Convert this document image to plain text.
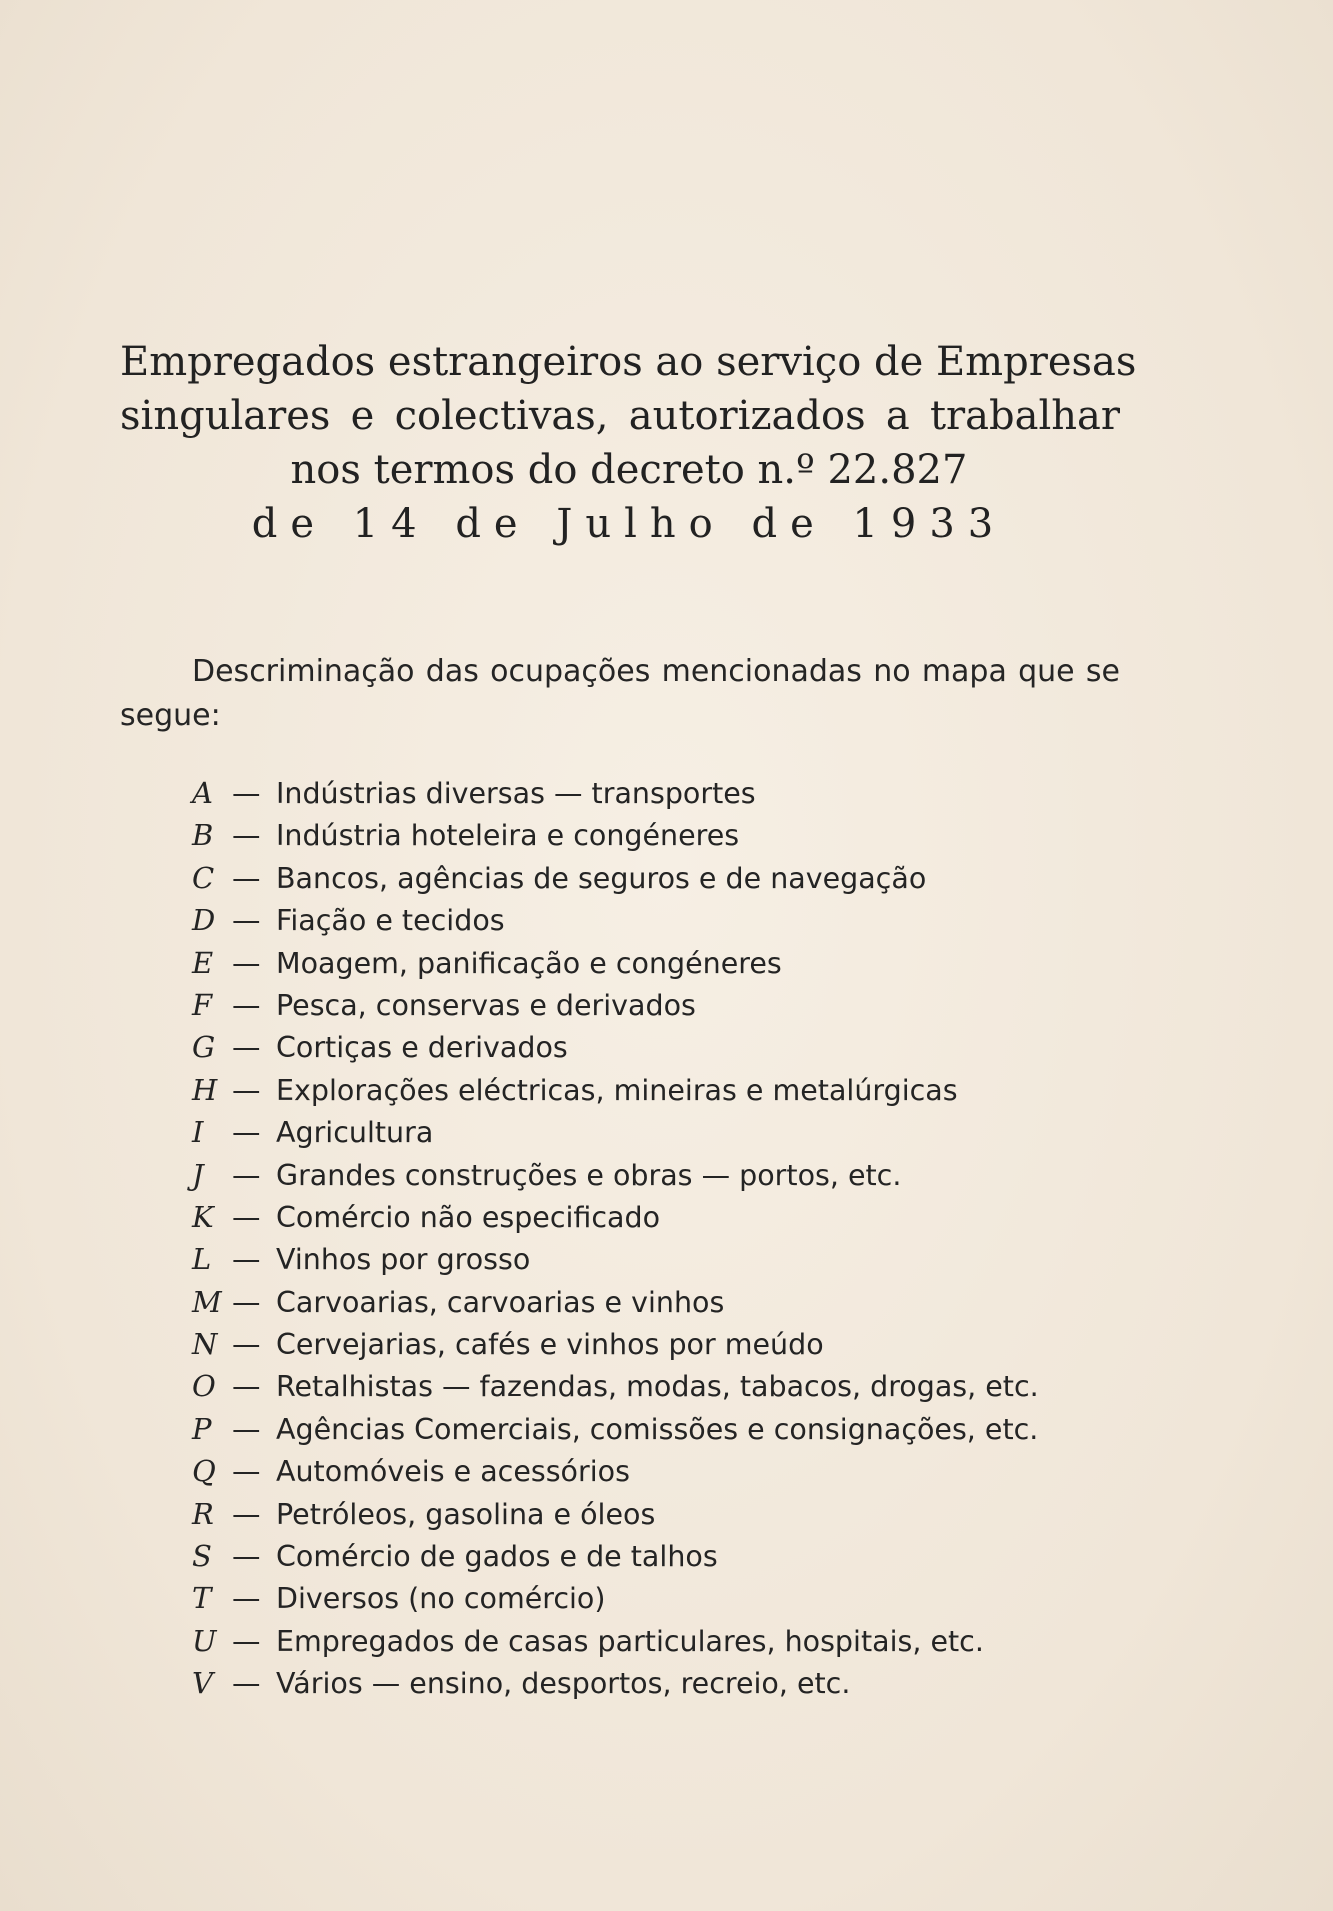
Empregados estrangeiros ao serviço de Empresas
singulares e colectivas, autorizados a trabalhar
nos termos do decreto n.º 22.827
de 14 de Julho de 1933
Descriminação das ocupações mencionadas no mapa que se
segue:
A — Indústrias diversas — transportes
B — Indústria hoteleira e congéneres
C — Bancos, agências de seguros e de navegação
D — Fiação e tecidos
E — Moagem, panificação e congéneres
F — Pesca, conservas e derivados
G — Cortiças e derivados
H — Explorações eléctricas, mineiras e metalúrgicas
I	— Agricultura
J — Grandes construções e obras — portos, etc.
K — Comércio não especificado
L — Vinhos por grosso
M — Carvoarias, carvoarias e vinhos
N — Cervejarias, cafés e vinhos por meúdo
O — Retalhistas — fazendas, modas, tabacos, drogas, etc.
P — Agências Comerciais, comissões e consignações, etc.
Q — Automóveis e acessórios
R — Petróleos, gasolina e óleos
S — Comércio de gados e de talhos
T — Diversos (no comércio)
U — Empregados de casas particulares, hospitais, etc.
V — Vários — ensino, desportos, recreio, etc.
